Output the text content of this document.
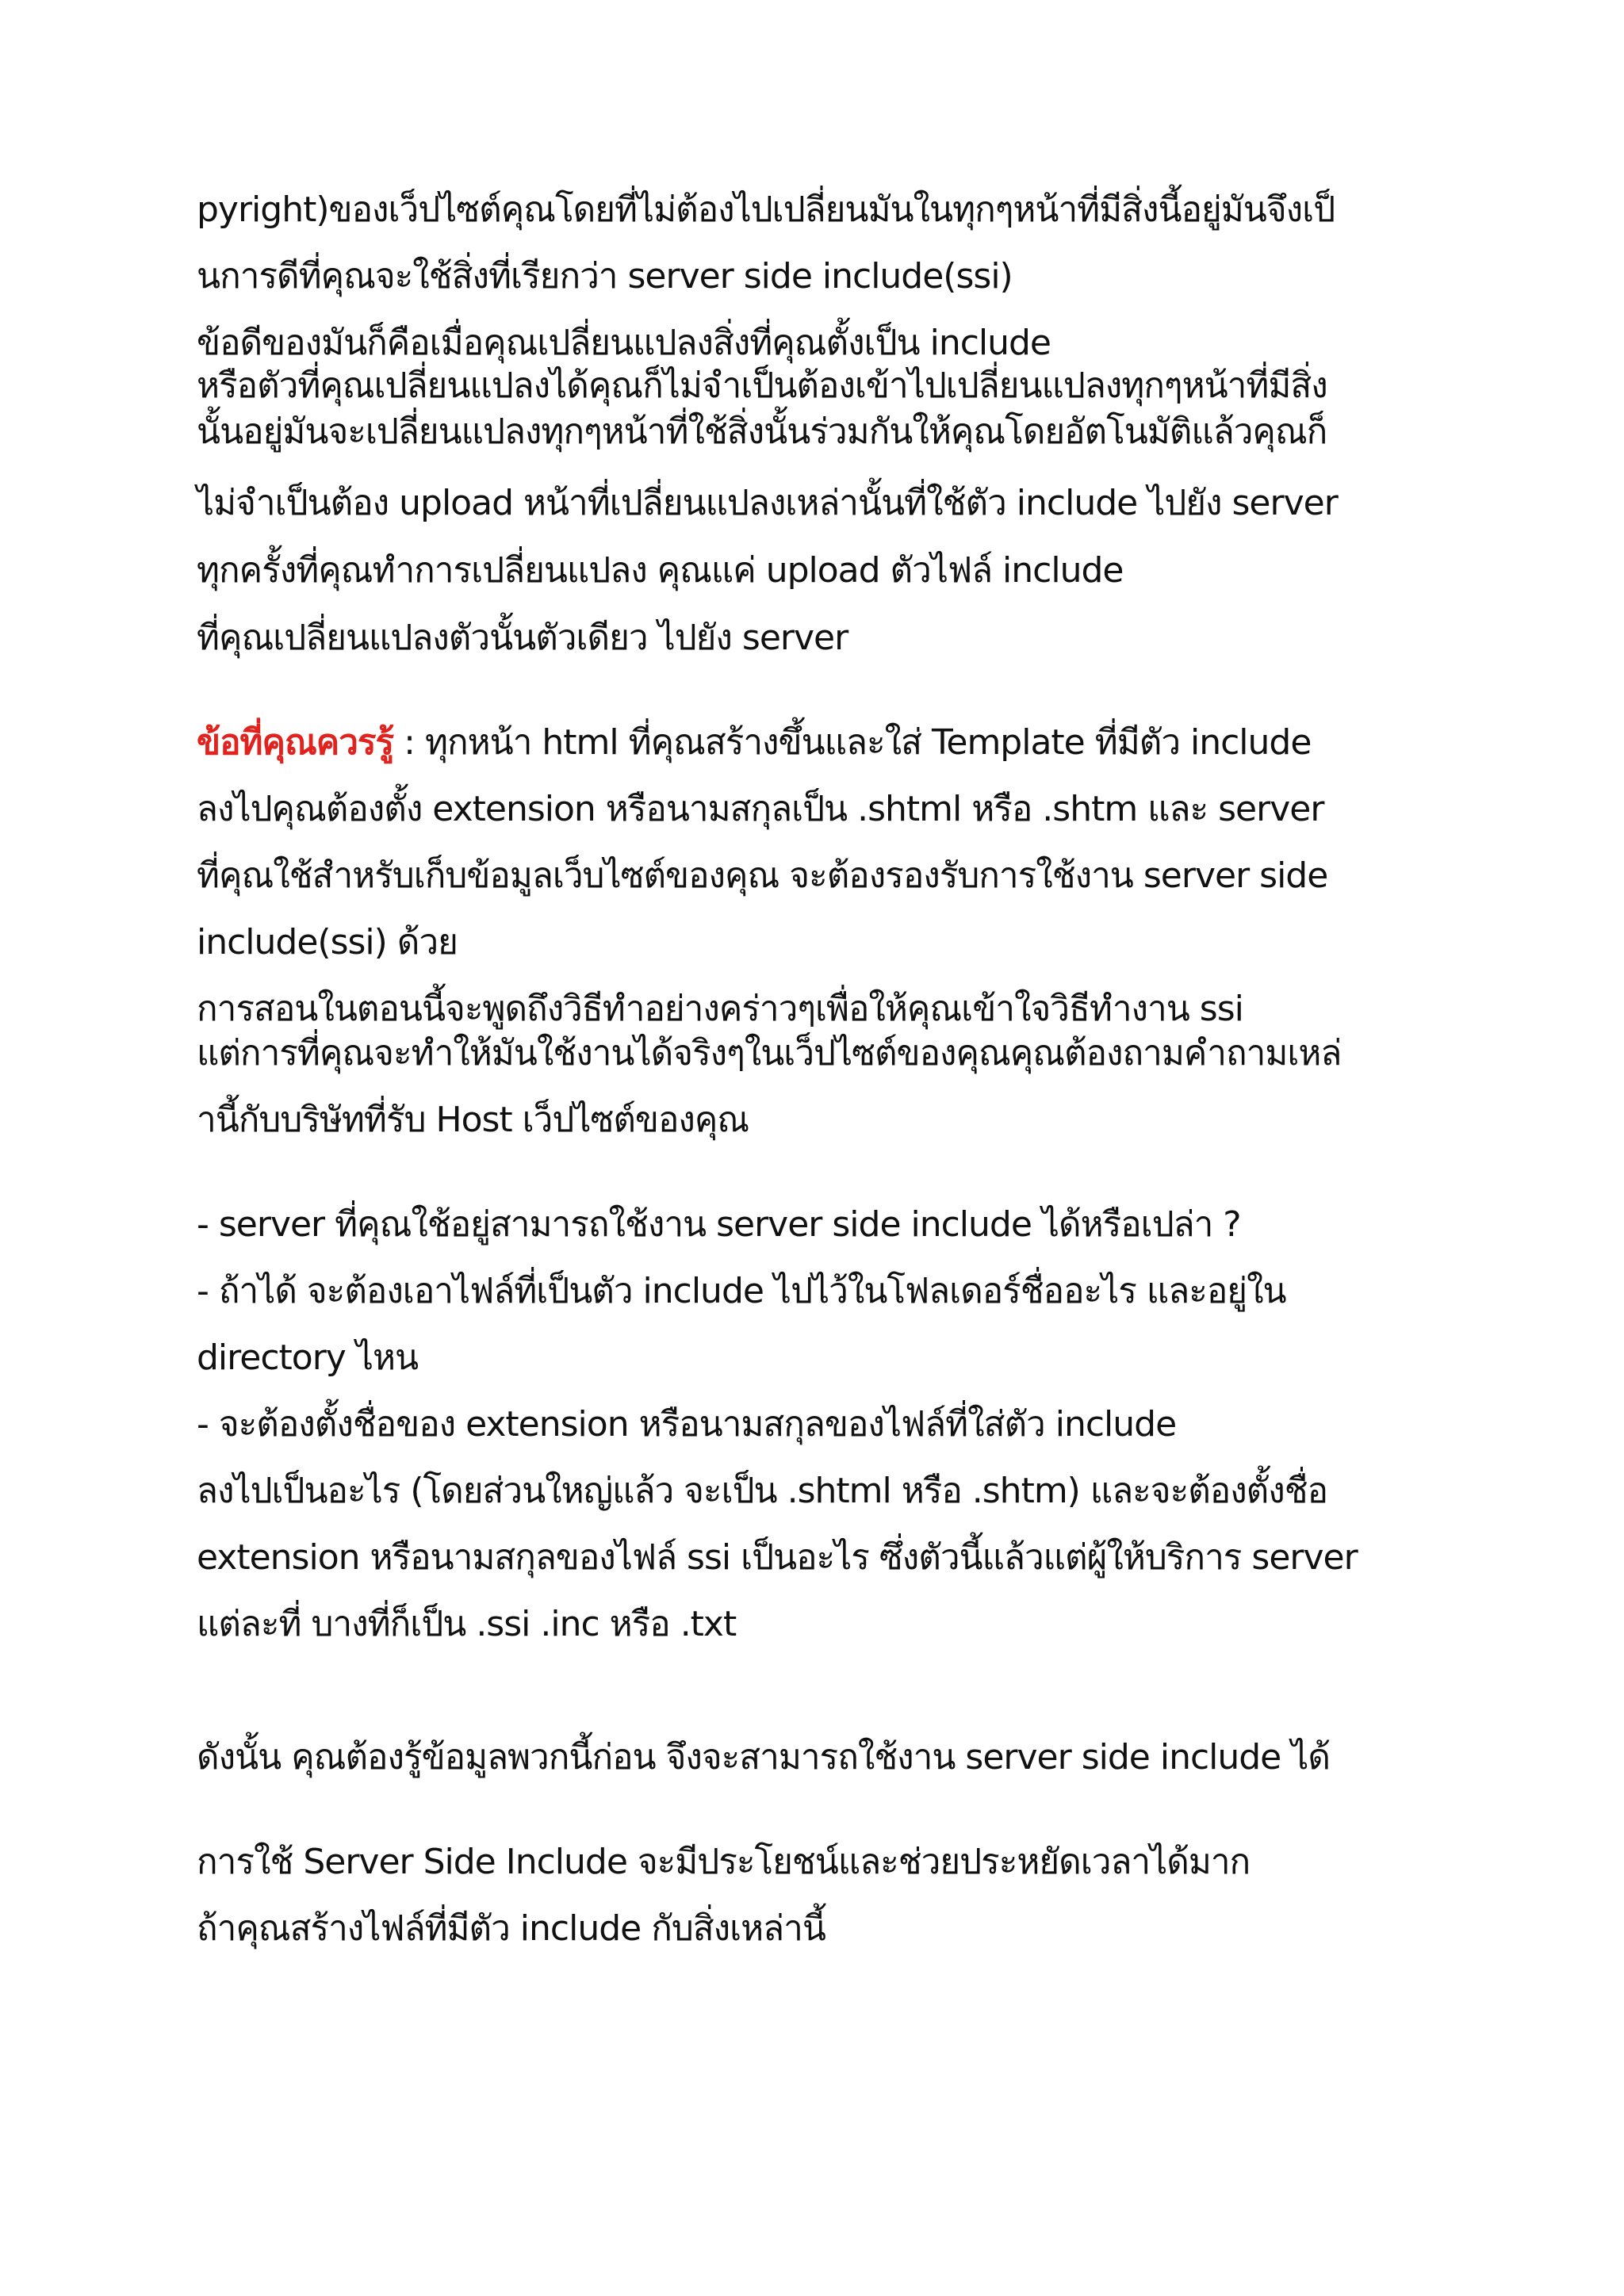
pyright)ของเว็ปไซต์คุณโดยที่ไม่ต้องไปเปลี่ยนมันในทุกๆหน้าที่มีสิ่งนี้อยู่มันจึงเป็
นการดีที่คุณจะใช้สิ่งที่เรียกว่า server side include(ssi)
ข้อดีของมันก็คือเมื่อคุณเปลี่ยนแปลงสิ่งที่คุณตั้งเป็น include
หรือตัวที่คุณเปลี่ยนแปลงได้คุณก็ไม่จำเป็นต้องเข้าไปเปลี่ยนแปลงทุกๆหน้าที่มีสิ่ง
นั้นอยู่มันจะเปลี่ยนแปลงทุกๆหน้าที่ใช้สิ่งนั้นร่วมกันให้คุณโดยอัตโนมัติแล้วคุณก็
ไม่จำเป็นต้อง upload หน้าที่เปลี่ยนแปลงเหล่านั้นที่ใช้ตัว include ไปยัง server
ทุกครั้งที่คุณทำการเปลี่ยนแปลง คุณแค่ upload ตัวไฟล์ include
ที่คุณเปลี่ยนแปลงตัวนั้นตัวเดียว ไปยัง server
ข้อที่คุณควรรู้ : ทุกหน้า html ที่คุณสร้างขึ้นและใส่ Template ที่มีตัว include
ลงไปคุณต้องตั้ง extension หรือนามสกุลเป็น .shtml หรือ .shtm และ server
ที่คุณใช้สำหรับเก็บข้อมูลเว็บไซต์ของคุณ จะต้องรองรับการใช้งาน server side
include(ssi) ด้วย
การสอนในตอนนี้จะพูดถึงวิธีทำอย่างคร่าวๆเพื่อให้คุณเข้าใจวิธีทำงาน ssi
แต่การที่คุณจะทำให้มันใช้งานได้จริงๆในเว็ปไซต์ของคุณคุณต้องถามคำถามเหล่
านี้กับบริษัทที่รับ Host เว็ปไซต์ของคุณ
- server ที่คุณใช้อยู่สามารถใช้งาน server side include ได้หรือเปล่า ?
- ถ้าได้ จะต้องเอาไฟล์ที่เป็นตัว include ไปไว้ในโฟลเดอร์ชื่ออะไร และอยู่ใน
directory ไหน
- จะต้องตั้งชื่อของ extension หรือนามสกุลของไฟล์ที่ใส่ตัว include
ลงไปเป็นอะไร (โดยส่วนใหญ่แล้ว จะเป็น .shtml หรือ .shtm) และจะต้องตั้งชื่อ
extension หรือนามสกุลของไฟล์ ssi เป็นอะไร ซึ่งตัวนี้แล้วแต่ผู้ให้บริการ server
แต่ละที่ บางที่ก็เป็น .ssi .inc หรือ .txt
ดังนั้น คุณต้องรู้ข้อมูลพวกนี้ก่อน จึงจะสามารถใช้งาน server side include ได้
การใช้ Server Side Include จะมีประโยชน์และช่วยประหยัดเวลาได้มาก
ถ้าคุณสร้างไฟล์ที่มีตัว include กับสิ่งเหล่านี้
